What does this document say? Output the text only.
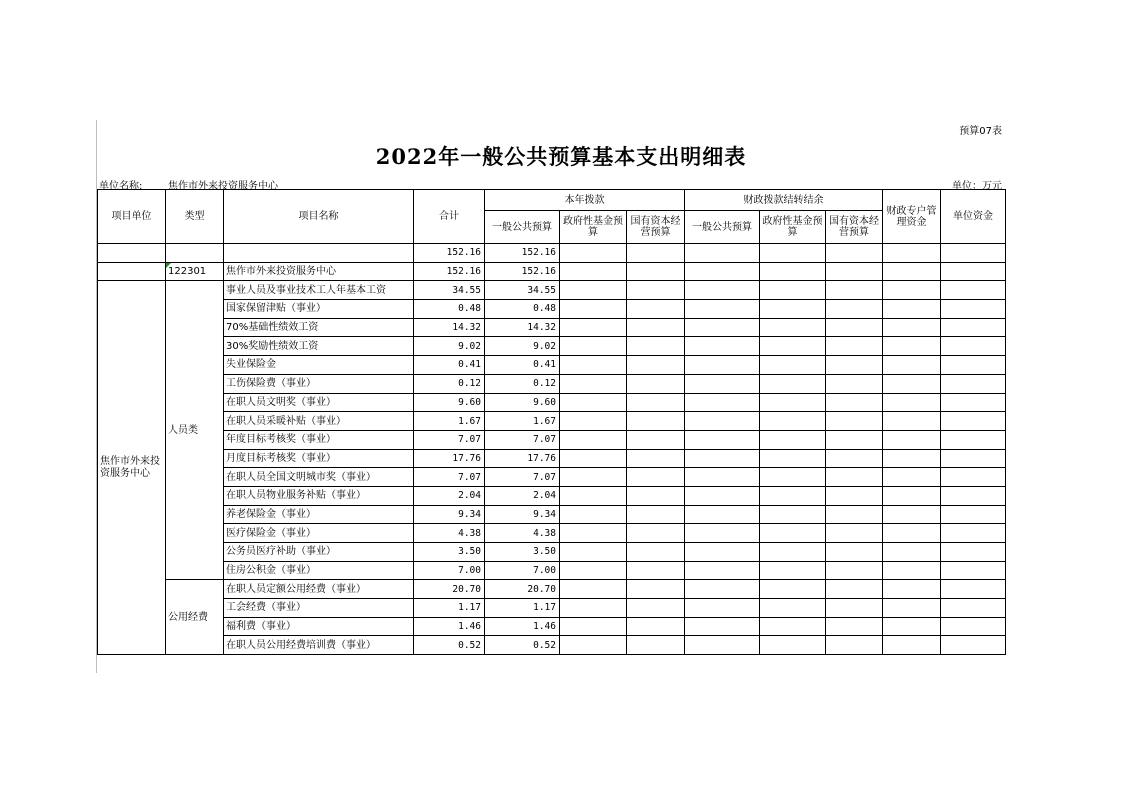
预算07表
2022年一般公共预算基本支出明细表
单位名称:	焦作市外来投资服务中心	单位：万元
项目单位	类型	项目名称	合计	本年拨款			财政拨款结转结余			财政专户管理资金	单位资金
				一般公共预算	政府性基金预算	国有资本经营预算	一般公共预算	政府性基金预算	国有资本经营预算		
			152.16	152.16							
	122301	焦作市外来投资服务中心	152.16	152.16							
焦作市外来投资服务中心	人员类	事业人员及事业技术工人年基本工资	34.55	34.55							
		国家保留津贴（事业）	0.48	0.48							
		70%基础性绩效工资	14.32	14.32							
		30%奖励性绩效工资	9.02	9.02							
		失业保险金	0.41	0.41							
		工伤保险费（事业）	0.12	0.12							
		在职人员文明奖（事业）	9.60	9.60							
		在职人员采暖补贴（事业）	1.67	1.67							
		年度目标考核奖（事业）	7.07	7.07							
		月度目标考核奖（事业）	17.76	17.76							
		在职人员全国文明城市奖（事业）	7.07	7.07							
		在职人员物业服务补贴（事业）	2.04	2.04							
		养老保险金（事业）	9.34	9.34							
		医疗保险金（事业）	4.38	4.38							
		公务员医疗补助（事业）	3.50	3.50							
		住房公积金（事业）	7.00	7.00							
	公用经费	在职人员定额公用经费（事业）	20.70	20.70							
		工会经费（事业）	1.17	1.17							
		福利费（事业）	1.46	1.46							
		在职人员公用经费培训费（事业）	0.52	0.52							
